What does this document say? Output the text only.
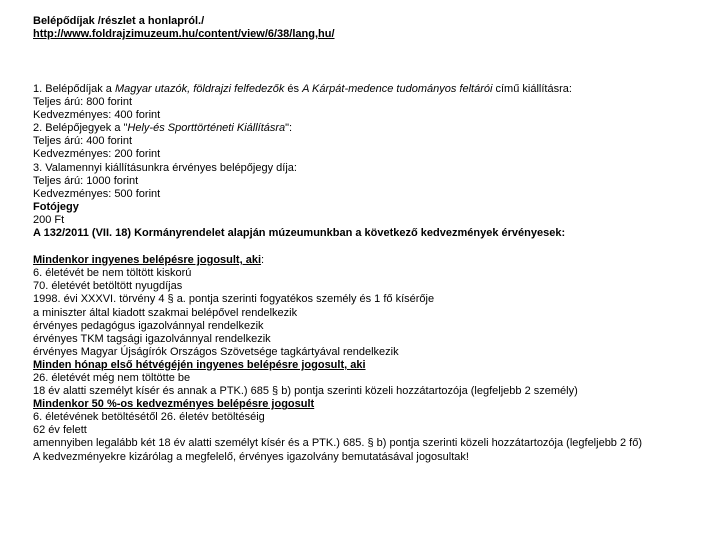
Belépődíjak /részlet a honlapról./
http://www.foldrajzimuzeum.hu/content/view/6/38/lang,hu/
1. Belépődíjak a Magyar utazók, földrajzi felfedezők és A Kárpát-medence tudományos feltárói című kiállításra:
Teljes árú: 800 forint
Kedvezményes: 400 forint
2. Belépőjegyek a "Hely-és Sporttörténeti Kiállításra":
Teljes árú: 400 forint
Kedvezményes: 200 forint
3. Valamennyi kiállításunkra érvényes belépőjegy díja:
Teljes árú: 1000 forint
Kedvezményes: 500 forint
Fotójegy
200 Ft
A 132/2011 (VII. 18) Kormányrendelet alapján múzeumunkban a következő kedvezmények érvényesek:
Mindenkor ingyenes belépésre jogosult, aki:
6. életévét be nem töltött kiskorú
70. életévét betöltött nyugdíjas
1998. évi XXXVI. törvény 4 § a. pontja szerinti fogyatékos személy és 1 fő kísérője
a miniszter által kiadott szakmai belépővel rendelkezik
érvényes pedagógus igazolvánnyal rendelkezik
érvényes TKM tagsági igazolvánnyal rendelkezik
érvényes Magyar Újságírók Országos Szövetsége tagkártyával rendelkezik
Minden hónap első hétvégéjén ingyenes belépésre jogosult, aki
26. életévét még nem töltötte be
18 év alatti személyt kísér és annak a PTK.) 685 § b) pontja szerinti közeli hozzátartozója (legfeljebb 2 személy)
Mindenkor 50 %-os kedvezményes belépésre jogosult
6. életévének betöltésétől 26. életév betöltéséig
62 év felett
amennyiben legalább két 18 év alatti személyt kísér és a PTK.) 685. § b) pontja szerinti közeli hozzátartozója (legfeljebb 2 fő)
A kedvezményekre kizárólag a megfelelő, érvényes igazolvány bemutatásával jogosultak!
